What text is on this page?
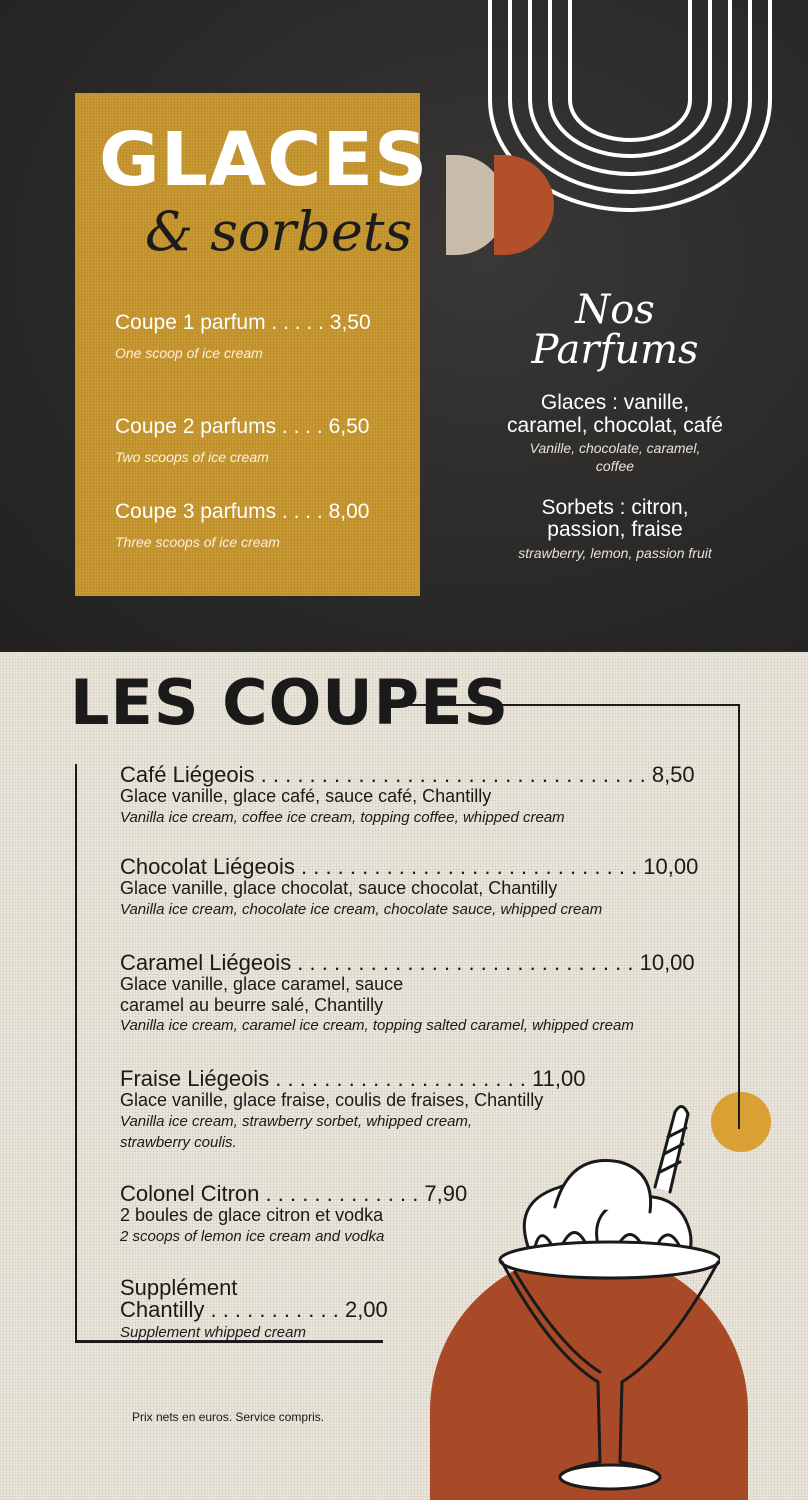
GLACES
& sorbets
Coupe 1 parfum . . . . . 3,50
One scoop of ice cream
Coupe 2 parfums . . . . 6,50
Two scoops of ice cream
Coupe 3 parfums . . . . 8,00
Three scoops of ice cream
Nos Parfums
Glaces : vanille,
caramel, chocolat, café
Vanille, chocolate, caramel,
coffee
Sorbets : citron,
passion, fraise
strawberry, lemon, passion fruit
LES COUPES
Café Liégeois . . . . . . . . . . . . . . . . . . . . . . . . . . . . . . . . 8,50
Glace vanille, glace café, sauce café, Chantilly
Vanilla ice cream, coffee ice cream, topping coffee, whipped cream
Chocolat Liégeois . . . . . . . . . . . . . . . . . . . . . . . . . . . . 10,00
Glace vanille, glace chocolat, sauce chocolat, Chantilly
Vanilla ice cream, chocolate ice cream, chocolate sauce, whipped cream
Caramel Liégeois . . . . . . . . . . . . . . . . . . . . . . . . . . . . 10,00
Glace vanille, glace caramel, sauce
caramel au beurre salé, Chantilly
Vanilla ice cream, caramel ice cream, topping salted caramel, whipped cream
Fraise Liégeois . . . . . . . . . . . . . . . . . . . . . 11,00
Glace vanille, glace fraise, coulis de fraises, Chantilly
Vanilla ice cream, strawberry sorbet, whipped cream,
strawberry coulis.
Colonel Citron . . . . . . . . . . . . . 7,90
2 boules de glace citron et vodka
2 scoops of lemon ice cream and vodka
Supplément
Chantilly . . . . . . . . . . . 2,00
Supplement whipped cream
Prix nets en euros. Service compris.
